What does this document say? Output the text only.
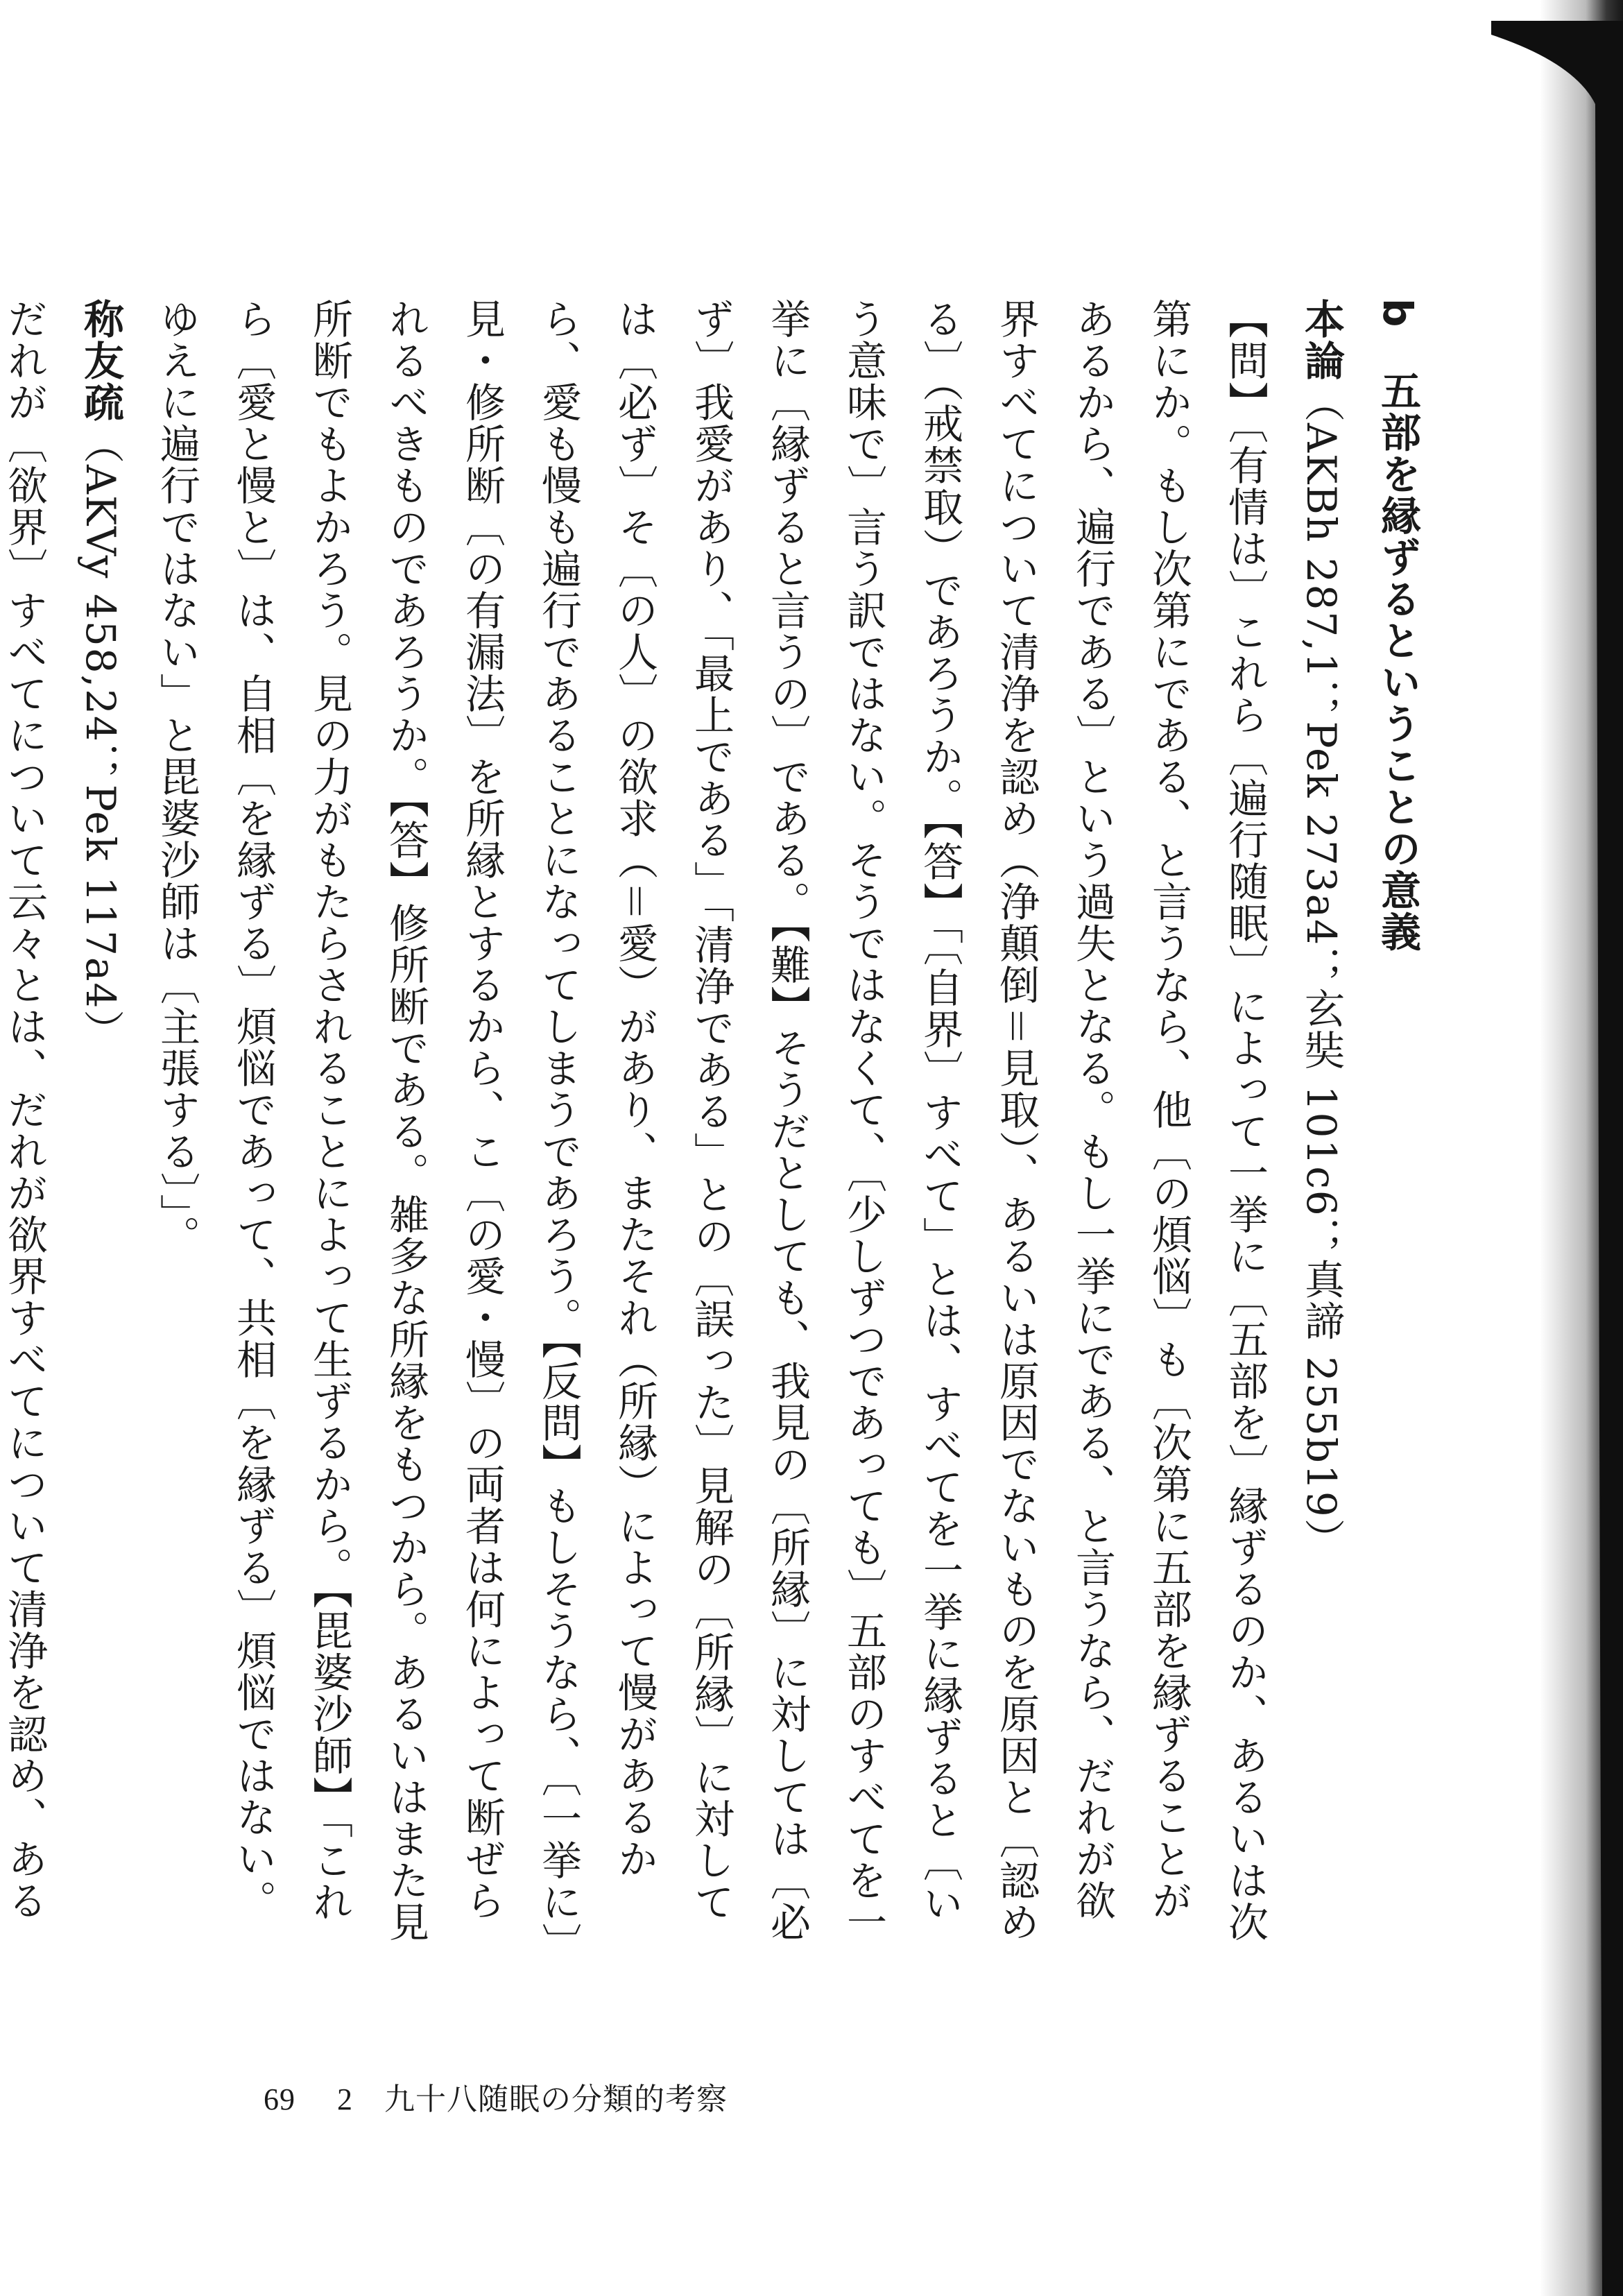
b　五部を縁ずるということの意義

本論（AKBh 287,1；Pek 273a4；玄奘 101c6；真諦 255b19）

【問】〔有情は〕これら〔遍行随眠〕によって一挙に〔五部を〕縁ずるのか、あるいは次第にか。もし次第にである、と言うなら、他〔の煩悩〕も〔次第に五部を縁ずることがあるから、遍行である〕という過失となる。もし一挙にである、と言うなら、だれが欲界すべてについて清浄を認め（浄顛倒＝見取）、あるいは原因でないものを原因と〔認める〕（戒禁取）であろうか。【答】「〔自界〕すべて」とは、すべてを一挙に縁ずると〔いう意味で〕言う訳ではない。そうではなくて、〔少しずつであっても〕五部のすべてを一挙に〔縁ずると言うの〕である。【難】そうだとしても、我見の〔所縁〕に対しては〔必ず〕我愛があり、「最上である」「清浄である」との〔誤った〕見解の〔所縁〕に対しては〔必ず〕そ〔の人〕の欲求（＝愛）があり、またそれ（所縁）によって慢があるから、愛も慢も遍行であることになってしまうであろう。【反問】もしそうなら、〔一挙に〕見・修所断〔の有漏法〕を所縁とするから、こ〔の愛・慢〕の両者は何によって断ぜられるべきものであろうか。【答】修所断である。雑多な所縁をもつから。あるいはまた見所断でもよかろう。見の力がもたらされることによって生ずるから。【毘婆沙師】「これら〔愛と慢と〕は、自相〔を縁ずる〕煩悩であって、共相〔を縁ずる〕煩悩ではない。ゆえに遍行ではない」と毘婆沙師は〔主張する〕」。

称友疏（AKVy 458,24；Pek 117a4）

だれが〔欲界〕すべてについて云々とは、だれが欲界すべてについて清浄を認め、ある

69 2　九十八随眠の分類的考察
